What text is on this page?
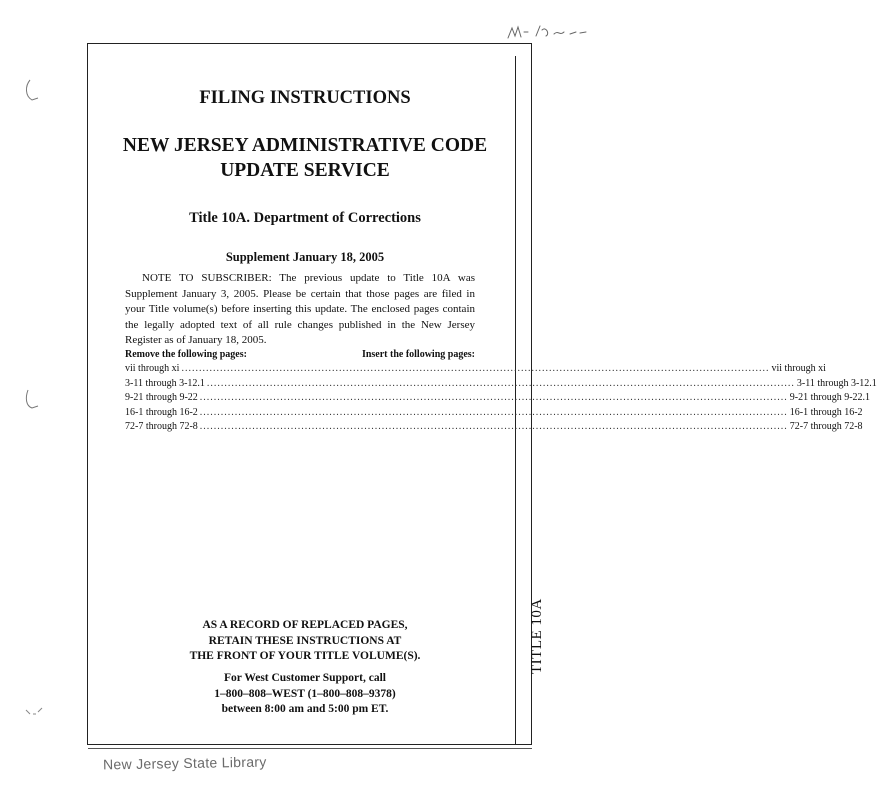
TITLE 10A
FILING INSTRUCTIONS
NEW JERSEY ADMINISTRATIVE CODE
UPDATE SERVICE
Title 10A. Department of Corrections
Supplement January 18, 2005
NOTE TO SUBSCRIBER: The previous update to Title 10A was Supplement January 3, 2005. Please be certain that those pages are filed in your Title volume(s) before inserting this update. The enclosed pages contain the legally adopted text of all rule changes published in the New Jersey Register as of January 18, 2005.
Remove the following pages:	Insert the following pages:
vii through xi ........................................................................................................................................................................ vii through xi
3-11 through 3-12.1 ........................................................................................................................................................................ 3-11 through 3-12.1
9-21 through 9-22 ........................................................................................................................................................................ 9-21 through 9-22.1
16-1 through 16-2 ........................................................................................................................................................................ 16-1 through 16-2
72-7 through 72-8 ........................................................................................................................................................................ 72-7 through 72-8
AS A RECORD OF REPLACED PAGES,
RETAIN THESE INSTRUCTIONS AT
THE FRONT OF YOUR TITLE VOLUME(S).
For West Customer Support, call
1–800–808–WEST (1–800–808–9378)
between 8:00 am and 5:00 pm ET.
New Jersey State Library
